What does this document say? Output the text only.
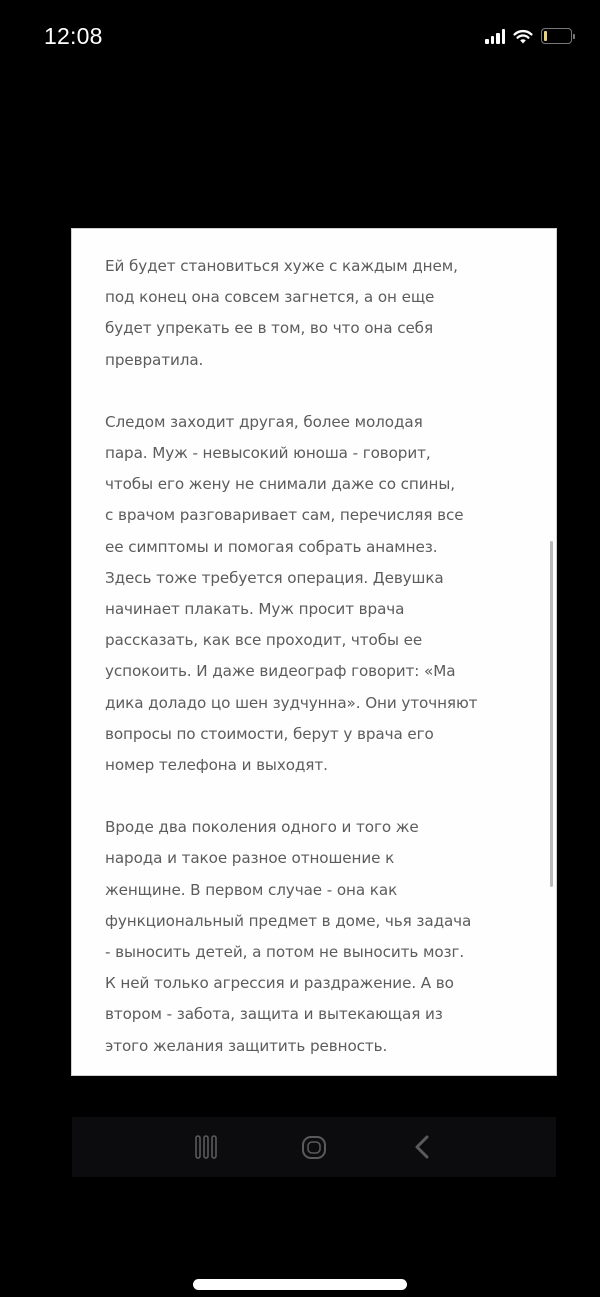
12:08
Ей будет становиться хуже с каждым днем,
под конец она совсем загнется, а он еще
будет упрекать ее в том, во что она себя
превратила.
Следом заходит другая, более молодая
пара. Муж - невысокий юноша - говорит,
чтобы его жену не снимали даже со спины,
с врачом разговаривает сам, перечисляя все
ее симптомы и помогая собрать анамнез.
Здесь тоже требуется операция. Девушка
начинает плакать. Муж просит врача
рассказать, как все проходит, чтобы ее
успокоить. И даже видеограф говорит: «Ма
дика доладо цо шен зудчунна». Они уточняют
вопросы по стоимости, берут у врача его
номер телефона и выходят.
Вроде два поколения одного и того же
народа и такое разное отношение к
женщине. В первом случае - она как
функциональный предмет в доме, чья задача
- выносить детей, а потом не выносить мозг.
К ней только агрессия и раздражение. А во
втором - забота, защита и вытекающая из
этого желания защитить ревность.
